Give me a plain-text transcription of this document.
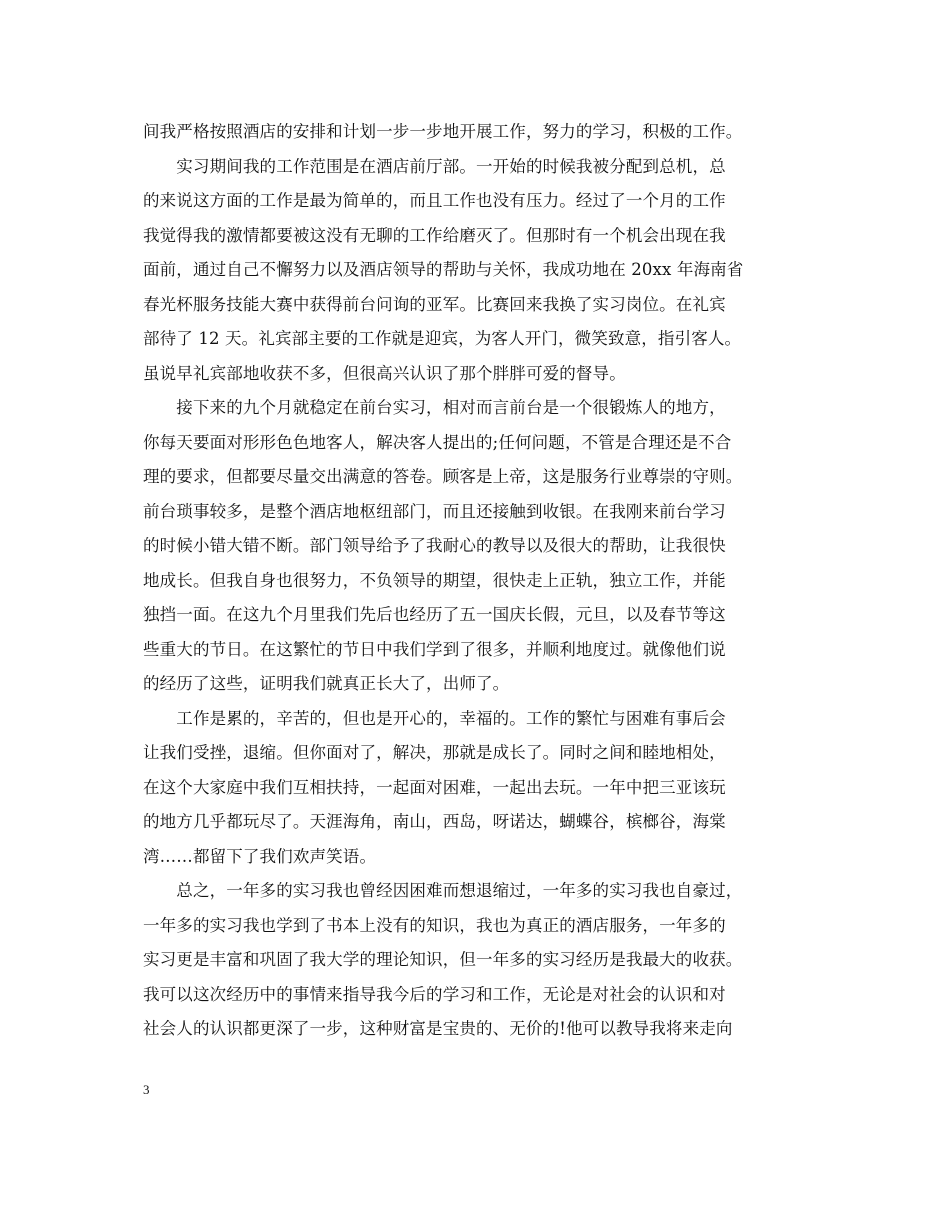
间我严格按照酒店的安排和计划一步一步地开展工作，努力的学习，积极的工作。
　　实习期间我的工作范围是在酒店前厅部。一开始的时候我被分配到总机，总
的来说这方面的工作是最为简单的，而且工作也没有压力。经过了一个月的工作
我觉得我的激情都要被这没有无聊的工作给磨灭了。但那时有一个机会出现在我
面前，通过自己不懈努力以及酒店领导的帮助与关怀，我成功地在 20xx 年海南省
春光杯服务技能大赛中获得前台问询的亚军。比赛回来我换了实习岗位。在礼宾
部待了 12 天。礼宾部主要的工作就是迎宾，为客人开门，微笑致意，指引客人。
虽说早礼宾部地收获不多，但很高兴认识了那个胖胖可爱的督导。
　　接下来的九个月就稳定在前台实习，相对而言前台是一个很锻炼人的地方，
你每天要面对形形色色地客人，解决客人提出的;任何问题，不管是合理还是不合
理的要求，但都要尽量交出满意的答卷。顾客是上帝，这是服务行业尊崇的守则。
前台琐事较多，是整个酒店地枢纽部门，而且还接触到收银。在我刚来前台学习
的时候小错大错不断。部门领导给予了我耐心的教导以及很大的帮助，让我很快
地成长。但我自身也很努力，不负领导的期望，很快走上正轨，独立工作，并能
独挡一面。在这九个月里我们先后也经历了五一国庆长假，元旦，以及春节等这
些重大的节日。在这繁忙的节日中我们学到了很多，并顺利地度过。就像他们说
的经历了这些，证明我们就真正长大了，出师了。
　　工作是累的，辛苦的，但也是开心的，幸福的。工作的繁忙与困难有事后会
让我们受挫，退缩。但你面对了，解决，那就是成长了。同时之间和睦地相处，
在这个大家庭中我们互相扶持，一起面对困难，一起出去玩。一年中把三亚该玩
的地方几乎都玩尽了。天涯海角，南山，西岛，呀诺达，蝴蝶谷，槟榔谷，海棠
湾……都留下了我们欢声笑语。
　　总之，一年多的实习我也曾经因困难而想退缩过，一年多的实习我也自豪过，
一年多的实习我也学到了书本上没有的知识，我也为真正的酒店服务，一年多的
实习更是丰富和巩固了我大学的理论知识，但一年多的实习经历是我最大的收获。
我可以这次经历中的事情来指导我今后的学习和工作，无论是对社会的认识和对
社会人的认识都更深了一步，这种财富是宝贵的、无价的!他可以教导我将来走向
3
